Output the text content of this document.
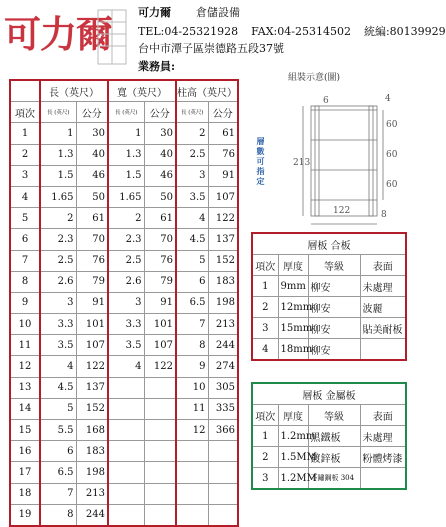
可力爾 可力爾 倉儲設備
TEL:04-25321928 FAX:04-25314502 統編:80139929
台中市潭子區崇德路五段37號
業務員:
	長（英尺）		寬（英尺）		柱高（英尺）	
項次	長 (英尺)	公分	長 (英尺)	公分	長 (英尺)	公分
1	1	30	1	30	2	61
2	1.3	40	1.3	40	2.5	76
3	1.5	46	1.5	46	3	91
4	1.65	50	1.65	50	3.5	107
5	2	61	2	61	4	122
6	2.3	70	2.3	70	4.5	137
7	2.5	76	2.5	76	5	152
8	2.6	79	2.6	79	6	183
9	3	91	3	91	6.5	198
10	3.3	101	3.3	101	7	213
11	3.5	107	3.5	107	8	244
12	4	122	4	122	9	274
13	4.5	137			10	305
14	5	152			11	335
15	5.5	168			12	366
16	6	183				
17	6.5	198				
18	7	213				
19	8	244				
組裝示意(圖)
4
6
213
60
60
60
122	8
層數可指定
層板 合板			
項次	厚度	等級	表面
1	9mm	柳安	未處理
2	12mm	柳安	波麗
3	15mm	柳安	貼美耐板
4	18mm	柳安	
層板 金屬板			
項次	厚度	等級	表面
1	1.2mm	黑鐵板	未處理
2	1.5MM	鍍鋅板	粉體烤漆
3	1.2MM	不鏽鋼板 304	
